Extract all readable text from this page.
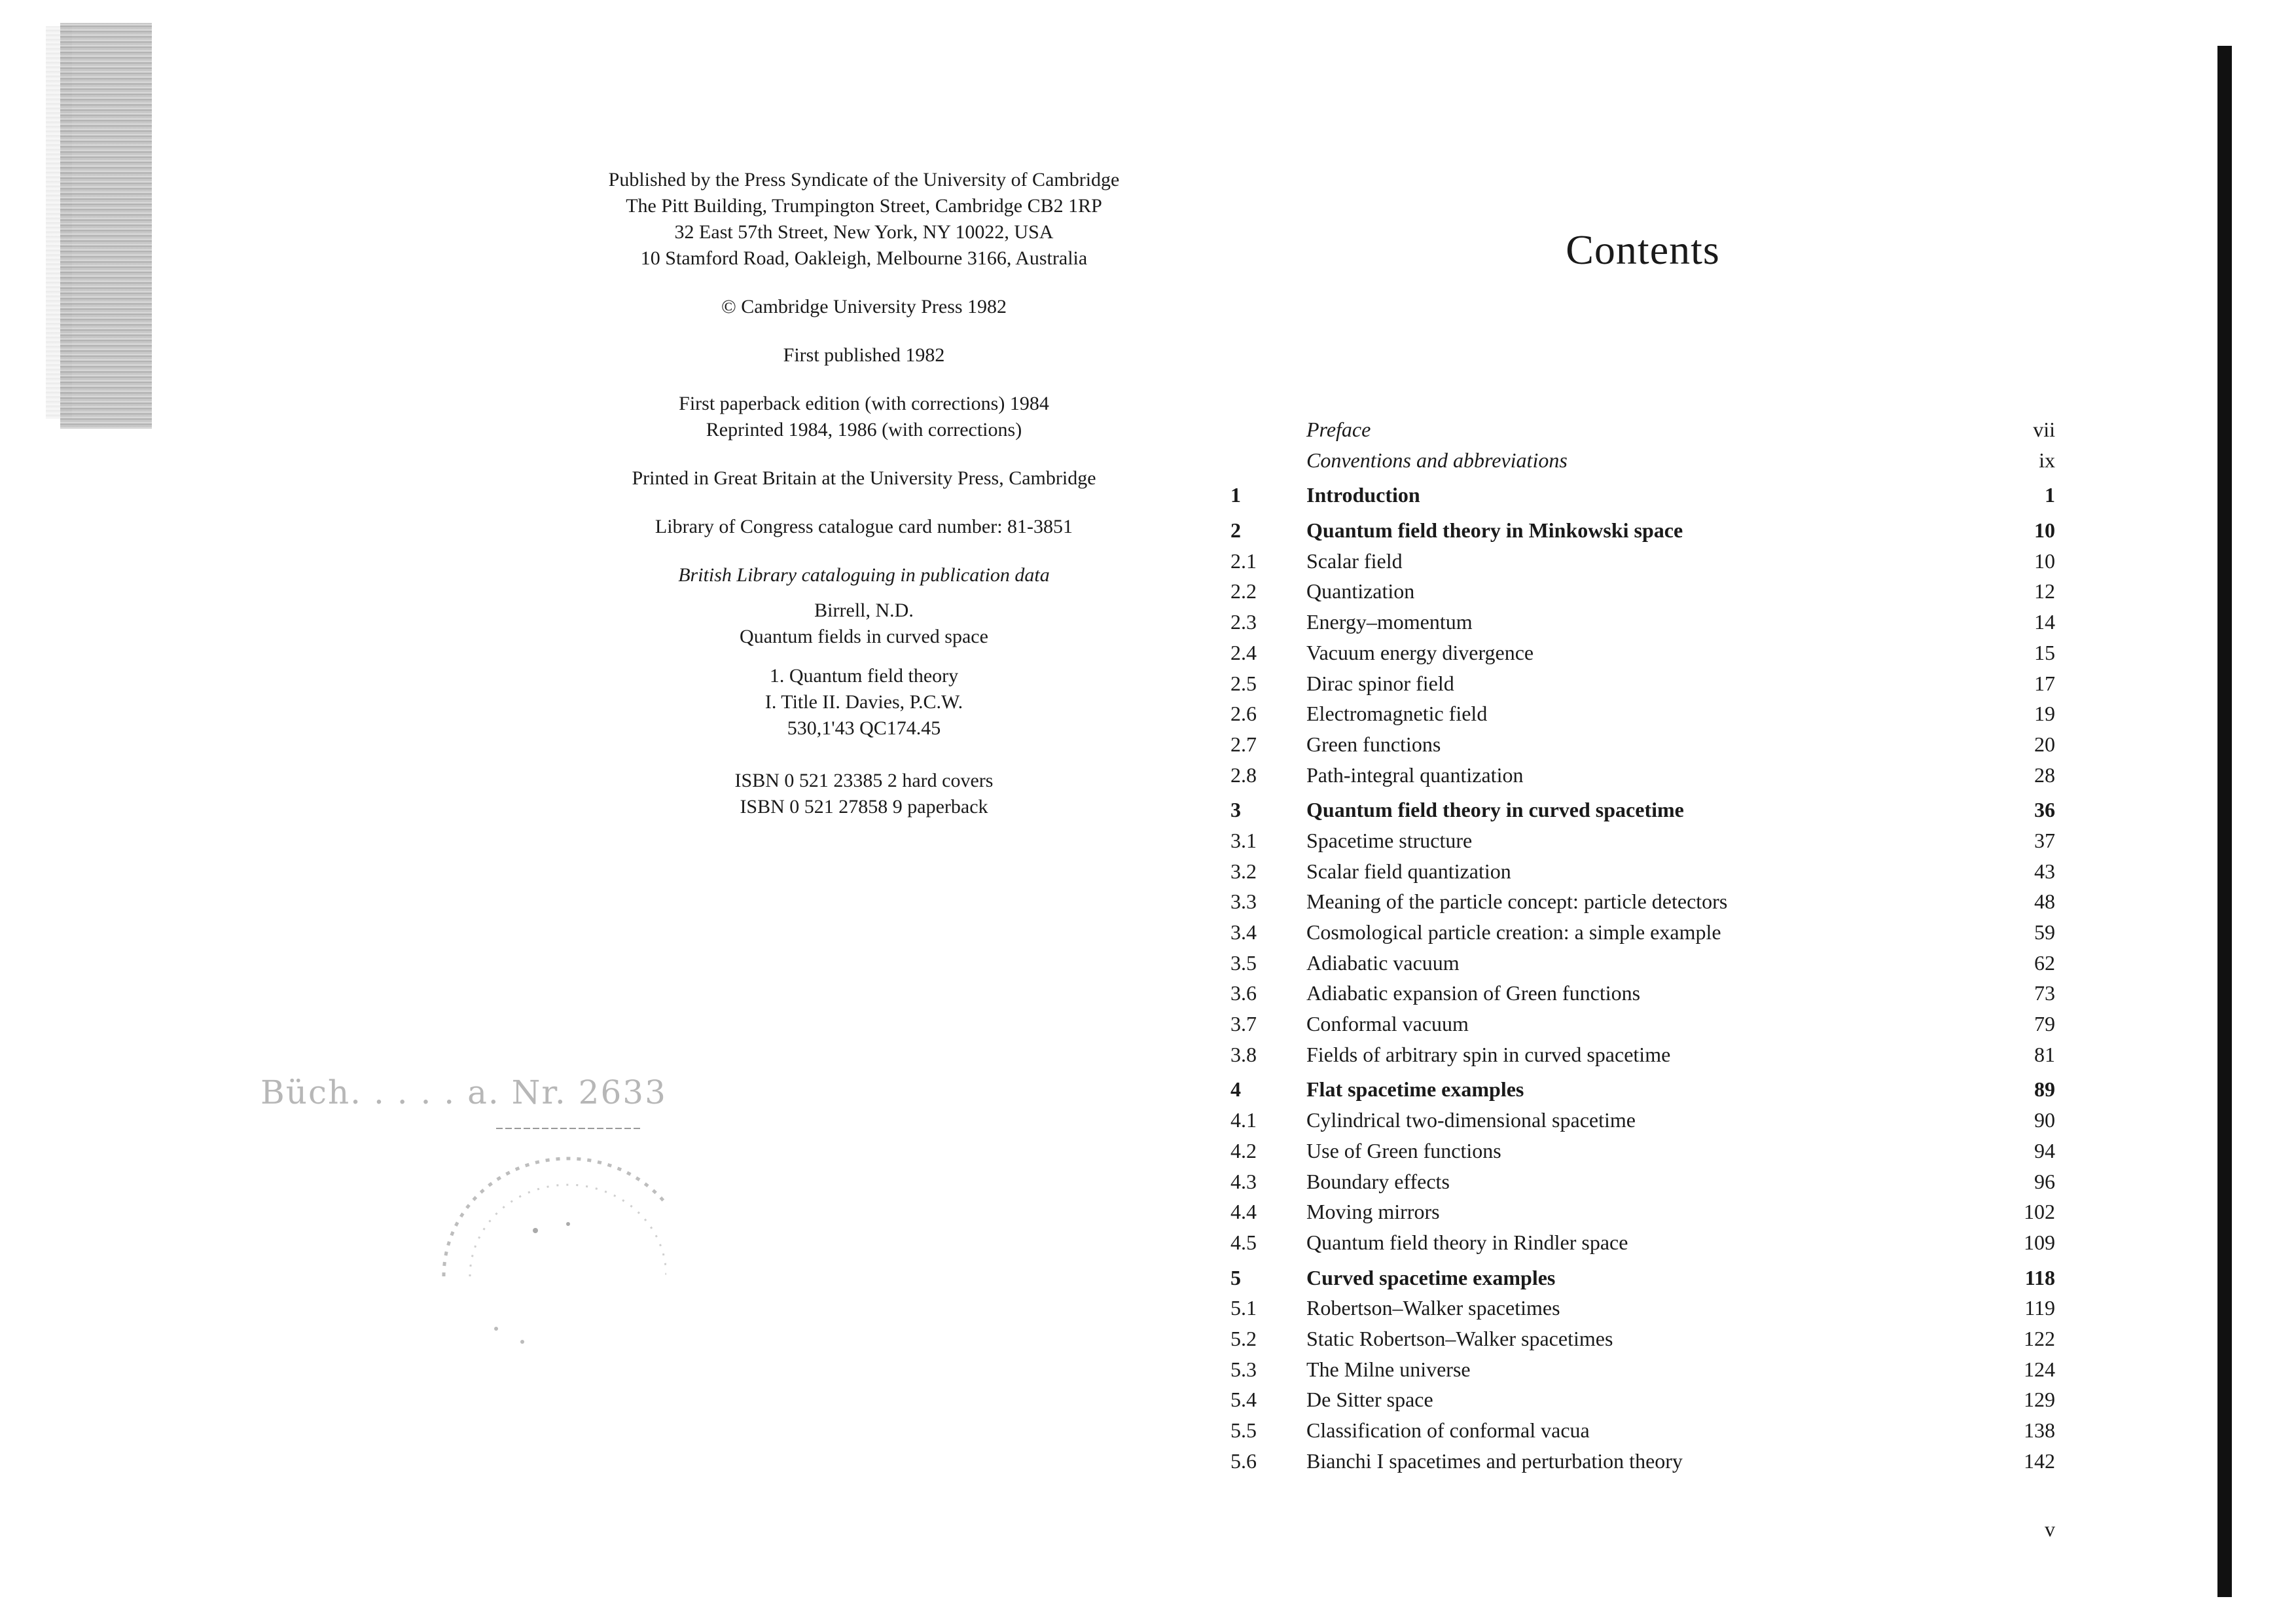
Published by the Press Syndicate of the University of Cambridge
The Pitt Building, Trumpington Street, Cambridge CB2 1RP
32 East 57th Street, New York, NY 10022, USA
10 Stamford Road, Oakleigh, Melbourne 3166, Australia
© Cambridge University Press 1982
First published 1982
First paperback edition (with corrections) 1984
Reprinted 1984, 1986 (with corrections)
Printed in Great Britain at the University Press, Cambridge
Library of Congress catalogue card number: 81-3851
British Library cataloguing in publication data
Birrell, N.D.
Quantum fields in curved space
1. Quantum field theory
I. Title II. Davies, P.C.W.
530,1'43 QC174.45
ISBN 0 521 23385 2 hard covers
ISBN 0 521 27858 9 paperback
Büch. . . . . a. Nr. 2633
Contents
Preface	vii
Conventions and abbreviations	ix
1	Introduction	1
2	Quantum field theory in Minkowski space	10
2.1	Scalar field	10
2.2	Quantization	12
2.3	Energy–momentum	14
2.4	Vacuum energy divergence	15
2.5	Dirac spinor field	17
2.6	Electromagnetic field	19
2.7	Green functions	20
2.8	Path-integral quantization	28
3	Quantum field theory in curved spacetime	36
3.1	Spacetime structure	37
3.2	Scalar field quantization	43
3.3	Meaning of the particle concept: particle detectors	48
3.4	Cosmological particle creation: a simple example	59
3.5	Adiabatic vacuum	62
3.6	Adiabatic expansion of Green functions	73
3.7	Conformal vacuum	79
3.8	Fields of arbitrary spin in curved spacetime	81
4	Flat spacetime examples	89
4.1	Cylindrical two-dimensional spacetime	90
4.2	Use of Green functions	94
4.3	Boundary effects	96
4.4	Moving mirrors	102
4.5	Quantum field theory in Rindler space	109
5	Curved spacetime examples	118
5.1	Robertson–Walker spacetimes	119
5.2	Static Robertson–Walker spacetimes	122
5.3	The Milne universe	124
5.4	De Sitter space	129
5.5	Classification of conformal vacua	138
5.6	Bianchi I spacetimes and perturbation theory	142
v
